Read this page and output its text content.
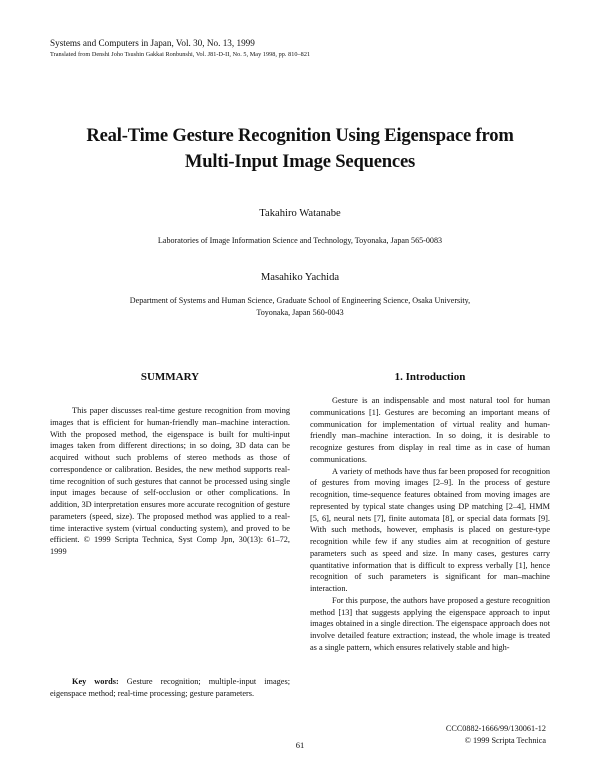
Systems and Computers in Japan, Vol. 30, No. 13, 1999
Translated from Denshi Joho Tsushin Gakkai Ronbunshi, Vol. J81-D-II, No. 5, May 1998, pp. 810–821
Real-Time Gesture Recognition Using Eigenspace from
Multi-Input Image Sequences
Takahiro Watanabe
Laboratories of Image Information Science and Technology, Toyonaka, Japan 565-0083
Masahiko Yachida
Department of Systems and Human Science, Graduate School of Engineering Science, Osaka University,
Toyonaka, Japan 560-0043
SUMMARY

This paper discusses real-time gesture recognition from moving images that is efficient for human-friendly man–machine interaction. With the proposed method, the eigenspace is built for multi-input images taken from different directions; in so doing, 3D data can be acquired without such problems of stereo methods as those of correspondence or calibration. Besides, the new method supports real-time recognition of such gestures that cannot be processed using single input images because of self-occlusion or other complications. In addition, 3D interpretation ensures more accurate recognition of gesture parameters (speed, size). The proposed method was applied to a real-time interactive system (virtual conducting system), and proved to be efficient. © 1999 Scripta Technica, Syst Comp Jpn, 30(13): 61–72, 1999

Key words: Gesture recognition; multiple-input images; eigenspace method; real-time processing; gesture parameters.

1. Introduction

Gesture is an indispensable and most natural tool for human communications [1]. Gestures are becoming an important means of communication for implementation of virtual reality and human-friendly man–machine interaction. In so doing, it is desirable to recognize gestures from display in real time as in case of human communications.

A variety of methods have thus far been proposed for recognition of gestures from moving images [2–9]. In the process of gesture recognition, time-sequence features obtained from moving images are represented by typical state changes using DP matching [2–4], HMM [5, 6], neural nets [7], finite automata [8], or special data formats [9]. With such methods, however, emphasis is placed on gesture-type recognition while few if any studies aim at recognition of gesture parameters such as speed and size. In many cases, gestures carry quantitative information that is difficult to express verbally [1], hence recognition of such parameters is significant for man–machine interaction.

For this purpose, the authors have proposed a gesture recognition method [13] that suggests applying the eigenspace approach to input images obtained in a single direction. The eigenspace approach does not involve detailed feature extraction; instead, the whole image is treated as a single pattern, which ensures relatively stable and high-

CCC0882-1666/99/130061-12
© 1999 Scripta Technica
61
